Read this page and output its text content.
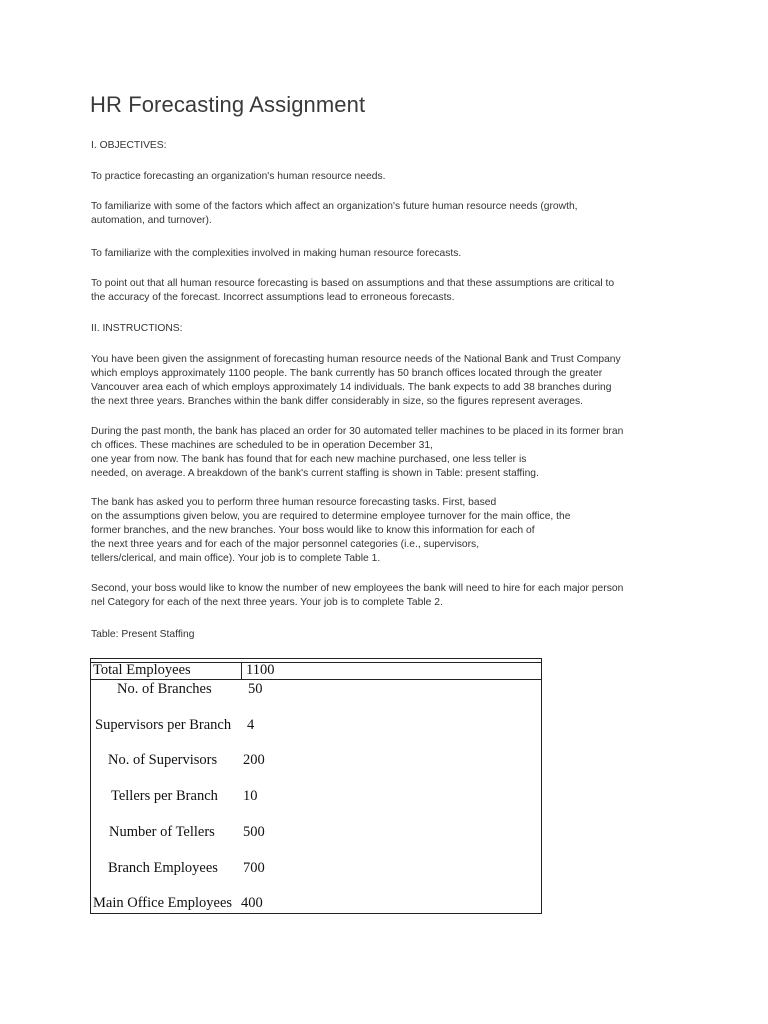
HR Forecasting Assignment

I. OBJECTIVES:

To practice forecasting an organization's human resource needs.

To familiarize with some of the factors which affect an organization's future human resource needs (growth,
automation, and turnover).

To familiarize with the complexities involved in making human resource forecasts.

To point out that all human resource forecasting is based on assumptions and that these assumptions are critical to
the accuracy of the forecast. Incorrect assumptions lead to erroneous forecasts.

II. INSTRUCTIONS:

You have been given the assignment of forecasting human resource needs of the National Bank and Trust Company
which employs approximately 1100 people. The bank currently has 50 branch offices located through the greater
Vancouver area each of which employs approximately 14 individuals. The bank expects to add 38 branches during
the next three years. Branches within the bank differ considerably in size, so the figures represent averages.

During the past month, the bank has placed an order for 30 automated teller machines to be placed in its former bran
ch offices. These machines are scheduled to be in operation December 31,
one year from now. The bank has found that for each new machine purchased, one less teller is
needed, on average. A breakdown of the bank's current staffing is shown in Table: present staffing.

The bank has asked you to perform three human resource forecasting tasks. First, based
on the assumptions given below, you are required to determine employee turnover for the main office, the
former branches, and the new branches. Your boss would like to know this information for each of
the next three years and for each of the major personnel categories (i.e., supervisors,
tellers/clerical, and main office). Your job is to complete Table 1.

Second, your boss would like to know the number of new employees the bank will need to hire for each major person
nel Category for each of the next three years. Your job is to complete Table 2.

Table: Present Staffing

Total Employees	1100
No. of Branches	50
Supervisors per Branch 4
No. of Supervisors 200
Tellers per Branch 10
Number of Tellers 500
Branch Employees 700
Main Office Employees 400
